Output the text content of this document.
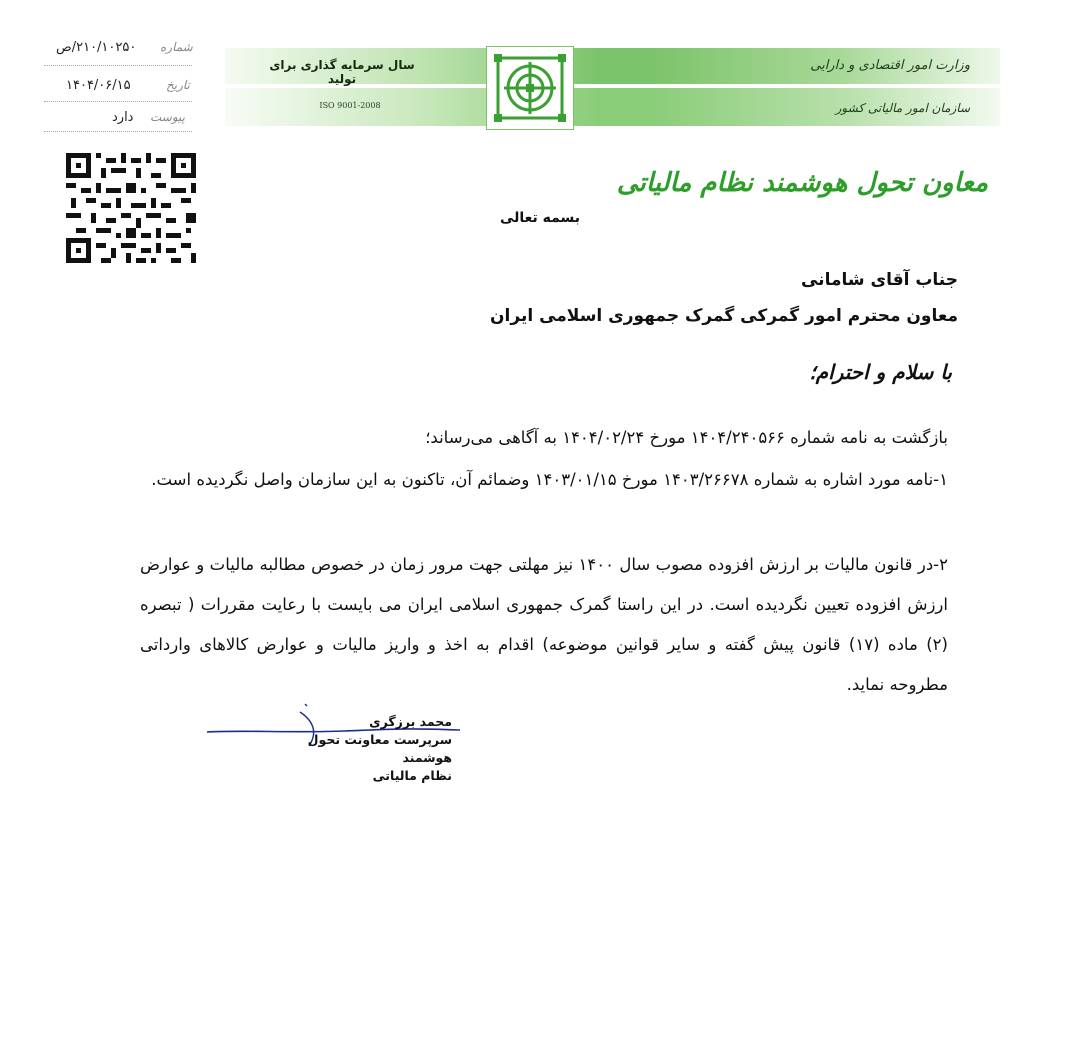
سال سرمایه گذاری برای تولید
ISO 9001-2008
وزارت امور اقتصادی و دارایی
سازمان امور مالیاتی کشور
شماره
۲۱۰/۱۰۲۵۰/ص
تاریخ
۱۴۰۴/۰۶/۱۵
پیوست
دارد
معاون تحول هوشمند نظام مالیاتی
بسمه تعالی
جناب آقای شامانی
معاون محترم امور گمرکی گمرک جمهوری اسلامی ایران
با سلام و احترام؛
بازگشت به نامه شماره ۱۴۰۴/۲۴۰۵۶۶ مورخ ۱۴۰۴/۰۲/۲۴ به آگاهی می‌رساند؛
۱-نامه مورد اشاره به شماره ۱۴۰۳/۲۶۶۷۸ مورخ ۱۴۰۳/۰۱/۱۵ وضمائم آن، تاکنون به این سازمان واصل نگردیده است.
۲-در قانون مالیات بر ارزش افزوده مصوب سال ۱۴۰۰ نیز مهلتی جهت مرور زمان در خصوص مطالبه مالیات و عوارض ارزش افزوده تعیین نگردیده است. در این راستا گمرک جمهوری اسلامی ایران می بایست با رعایت مقررات ( تبصره (۲) ماده (۱۷) قانون پیش گفته و سایر قوانین موضوعه) اقدام به اخذ و واریز مالیات و عوارض کالاهای وارداتی مطروحه نماید.
محمد برزگری
سرپرست معاونت تحول هوشمند
نظام مالیاتی
